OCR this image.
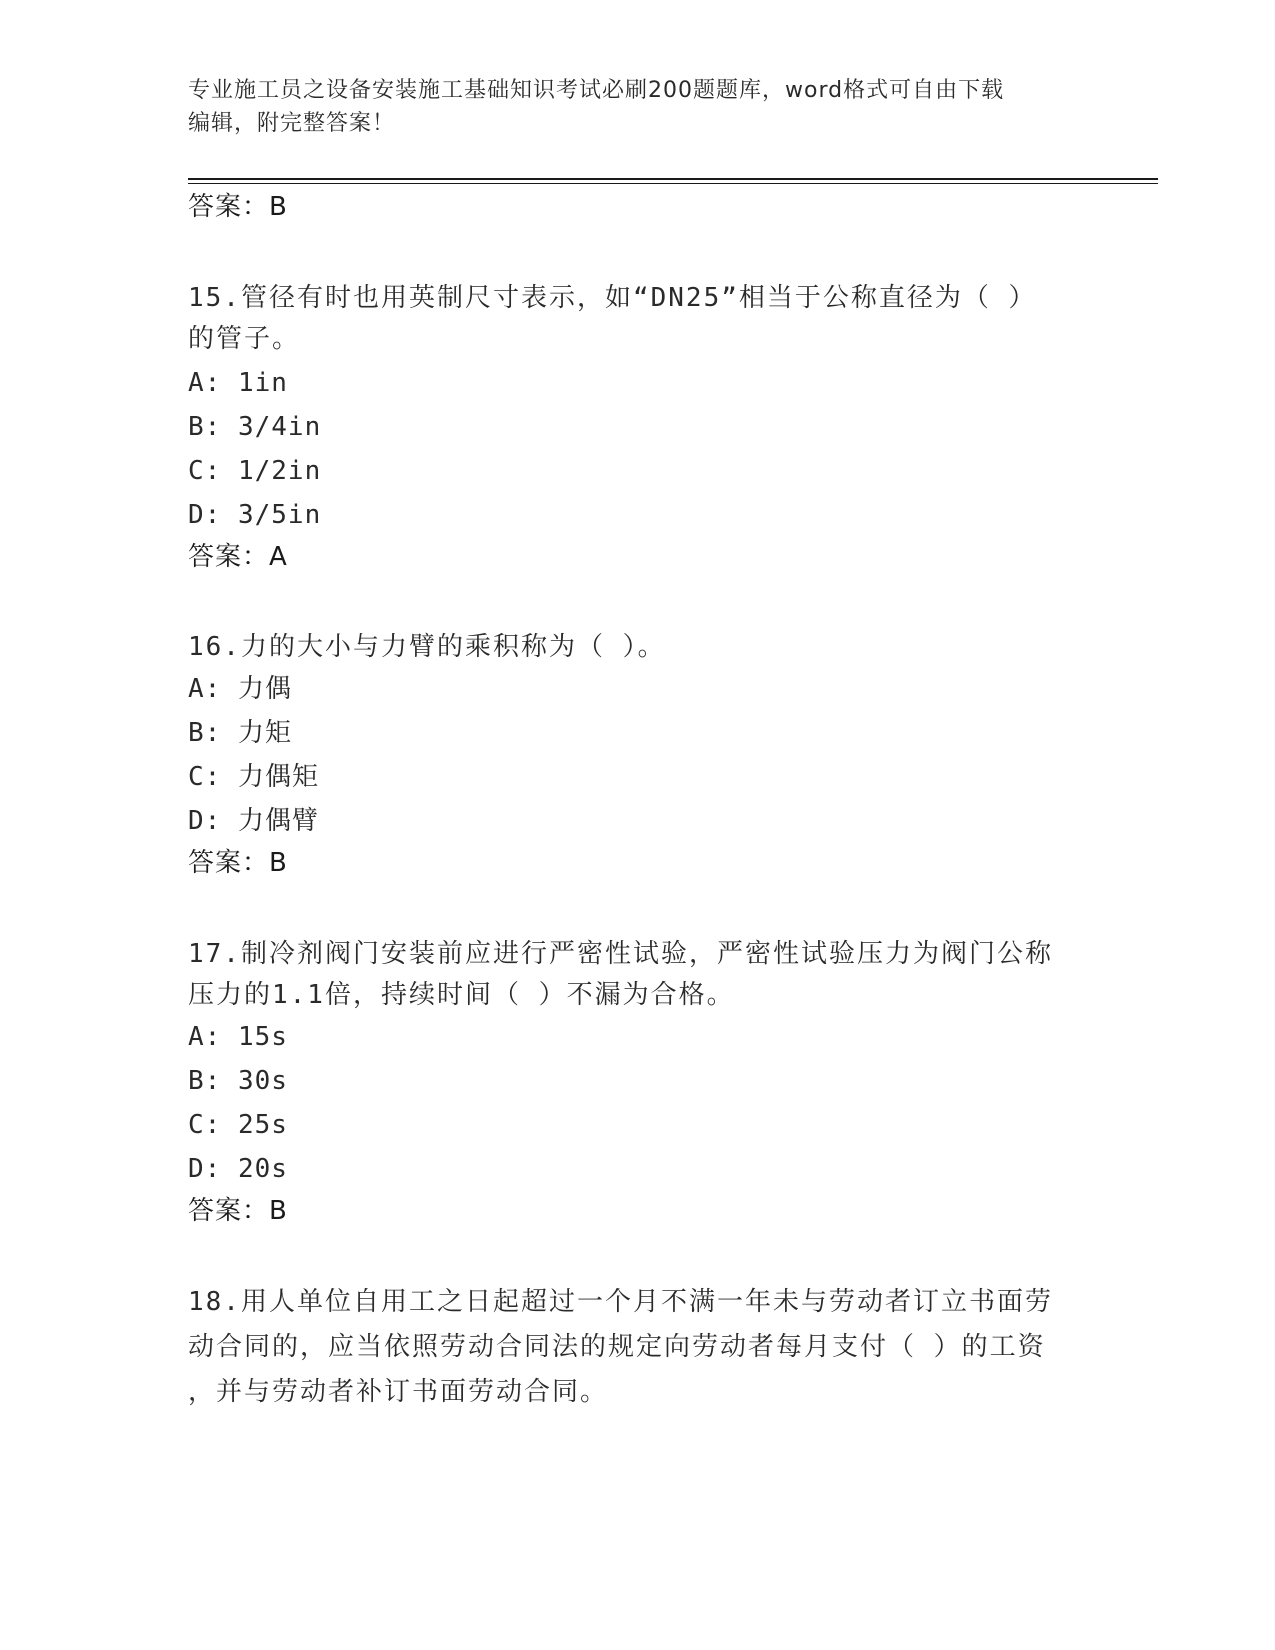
专业施工员之设备安装施工基础知识考试必刷200题题库，word格式可自由下载
编辑，附完整答案！
答案：B
15.管径有时也用英制尺寸表示，如“DN25”相当于公称直径为（ ）
的管子。
A: 1in
B: 3/4in
C: 1/2in
D: 3/5in
答案：A
16.力的大小与力臂的乘积称为（ ）。
A: 力偶
B: 力矩
C: 力偶矩
D: 力偶臂
答案：B
17.制冷剂阀门安装前应进行严密性试验，严密性试验压力为阀门公称
压力的1.1倍，持续时间（ ）不漏为合格。
A: 15s
B: 30s
C: 25s
D: 20s
答案：B
18.用人单位自用工之日起超过一个月不满一年未与劳动者订立书面劳
动合同的，应当依照劳动合同法的规定向劳动者每月支付（ ）的工资
，并与劳动者补订书面劳动合同。
